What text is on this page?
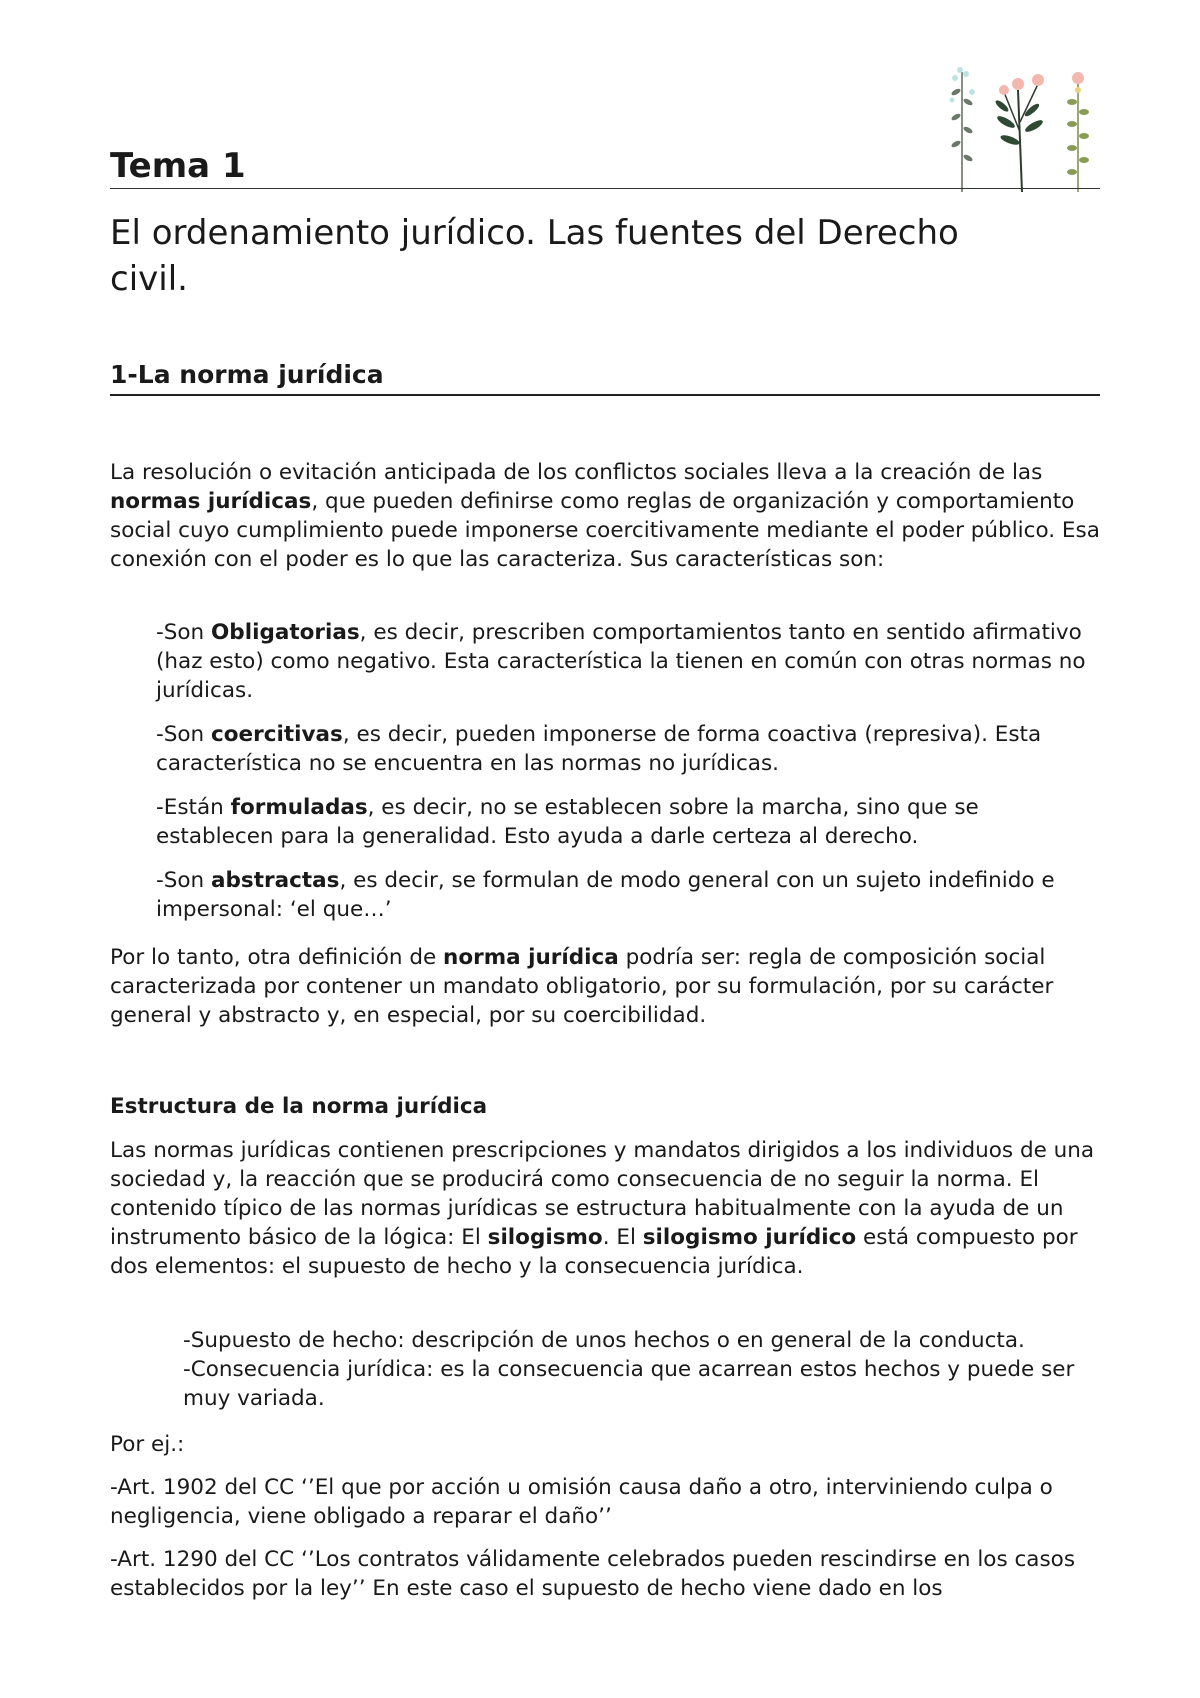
Tema 1
El ordenamiento jurídico. Las fuentes del Derecho
civil.
1-La norma jurídica

La resolución o evitación anticipada de los conflictos sociales lleva a la creación de las normas jurídicas, que pueden definirse como reglas de organización y comportamiento social cuyo cumplimiento puede imponerse coercitivamente mediante el poder público. Esa conexión con el poder es lo que las caracteriza. Sus características son:

-Son Obligatorias, es decir, prescriben comportamientos tanto en sentido afirmativo (haz esto) como negativo. Esta característica la tienen en común con otras normas no jurídicas.

-Son coercitivas, es decir, pueden imponerse de forma coactiva (represiva). Esta característica no se encuentra en las normas no jurídicas.

-Están formuladas, es decir, no se establecen sobre la marcha, sino que se establecen para la generalidad. Esto ayuda a darle certeza al derecho.

-Son abstractas, es decir, se formulan de modo general con un sujeto indefinido e impersonal: ‘el que…’

Por lo tanto, otra definición de norma jurídica podría ser: regla de composición social caracterizada por contener un mandato obligatorio, por su formulación, por su carácter general y abstracto y, en especial, por su coercibilidad.

Estructura de la norma jurídica

Las normas jurídicas contienen prescripciones y mandatos dirigidos a los individuos de una sociedad y, la reacción que se producirá como consecuencia de no seguir la norma. El contenido típico de las normas jurídicas se estructura habitualmente con la ayuda de un instrumento básico de la lógica: El silogismo. El silogismo jurídico está compuesto por dos elementos: el supuesto de hecho y la consecuencia jurídica.

-Supuesto de hecho: descripción de unos hechos o en general de la conducta.

-Consecuencia jurídica: es la consecuencia que acarrean estos hechos y puede ser muy variada.

Por ej.:

-Art. 1902 del CC ‘’El que por acción u omisión causa daño a otro, interviniendo culpa o negligencia, viene obligado a reparar el daño’’

-Art. 1290 del CC ‘’Los contratos válidamente celebrados pueden rescindirse en los casos establecidos por la ley’’ En este caso el supuesto de hecho viene dado en los
